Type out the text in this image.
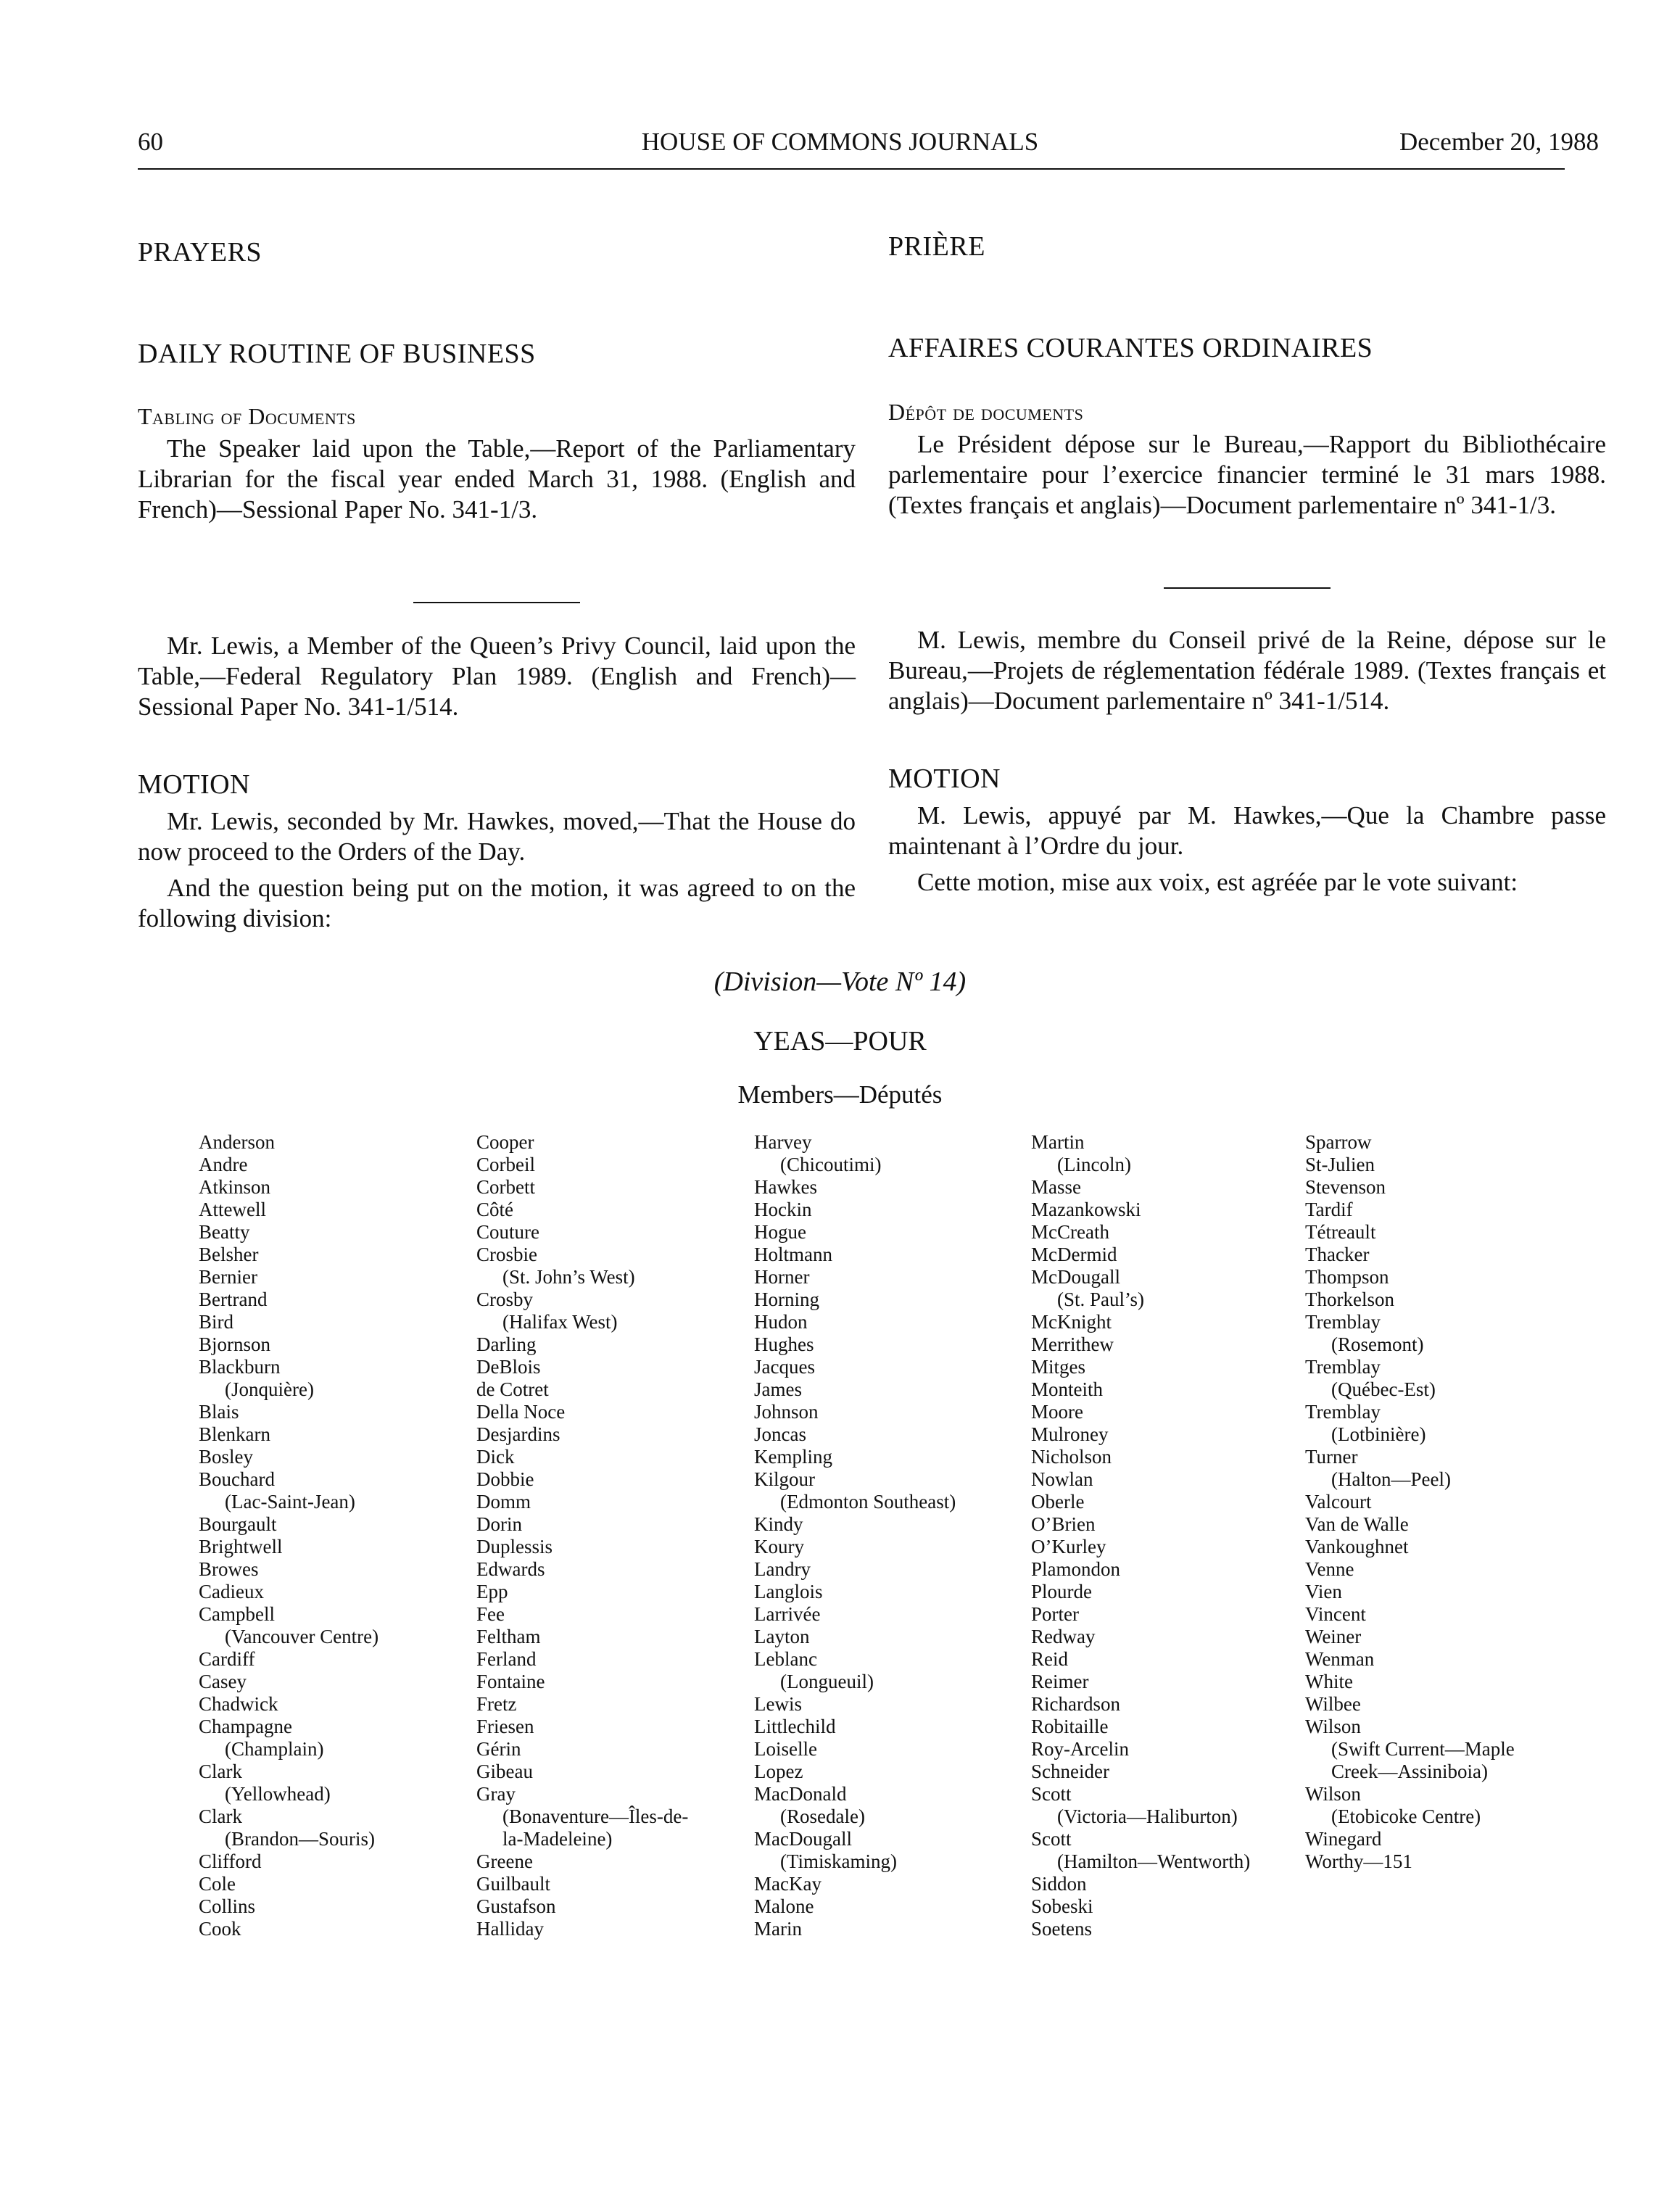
60	HOUSE OF COMMONS JOURNALS	December 20, 1988
PRAYERS
DAILY ROUTINE OF BUSINESS
Tabling of Documents

The Speaker laid upon the Table,—Report of the Parliamentary Librarian for the fiscal year ended March 31, 1988. (English and French)—Sessional Paper No. 341-1/3.

Mr. Lewis, a Member of the Queen’s Privy Council, laid upon the Table,—Federal Regulatory Plan 1989. (English and French)—Sessional Paper No. 341-1/514.

MOTION

Mr. Lewis, seconded by Mr. Hawkes, moved,—That the House do now proceed to the Orders of the Day.

And the question being put on the motion, it was agreed to on the following division:

PRIÈRE
AFFAIRES COURANTES ORDINAIRES
Dépôt de documents

Le Président dépose sur le Bureau,—Rapport du Bibliothécaire parlementaire pour l’exercice financier terminé le 31 mars 1988. (Textes français et anglais)—Document parlementaire nº 341-1/3.

M. Lewis, membre du Conseil privé de la Reine, dépose sur le Bureau,—Projets de réglementation fédérale 1989. (Textes français et anglais)—Document parlementaire nº 341-1/514.

MOTION

M. Lewis, appuyé par M. Hawkes,—Que la Chambre passe maintenant à l’Ordre du jour.

Cette motion, mise aux voix, est agréée par le vote suivant:

(Division—Vote Nº 14)
YEAS—POUR
Members—Députés
Anderson
Andre
Atkinson
Attewell
Beatty
Belsher
Bernier
Bertrand
Bird
Bjornson
Blackburn
(Jonquière)
Blais
Blenkarn
Bosley
Bouchard
(Lac-Saint-Jean)
Bourgault
Brightwell
Browes
Cadieux
Campbell
(Vancouver Centre)
Cardiff
Casey
Chadwick
Champagne
(Champlain)
Clark
(Yellowhead)
Clark
(Brandon—Souris)
Clifford
Cole
Collins
Cook
Cooper
Corbeil
Corbett
Côté
Couture
Crosbie
(St. John’s West)
Crosby
(Halifax West)
Darling
DeBlois
de Cotret
Della Noce
Desjardins
Dick
Dobbie
Domm
Dorin
Duplessis
Edwards
Epp
Fee
Feltham
Ferland
Fontaine
Fretz
Friesen
Gérin
Gibeau
Gray
(Bonaventure—Îles-de-
la-Madeleine)
Greene
Guilbault
Gustafson
Halliday
Harvey
(Chicoutimi)
Hawkes
Hockin
Hogue
Holtmann
Horner
Horning
Hudon
Hughes
Jacques
James
Johnson
Joncas
Kempling
Kilgour
(Edmonton Southeast)
Kindy
Koury
Landry
Langlois
Larrivée
Layton
Leblanc
(Longueuil)
Lewis
Littlechild
Loiselle
Lopez
MacDonald
(Rosedale)
MacDougall
(Timiskaming)
MacKay
Malone
Marin
Martin
(Lincoln)
Masse
Mazankowski
McCreath
McDermid
McDougall
(St. Paul’s)
McKnight
Merrithew
Mitges
Monteith
Moore
Mulroney
Nicholson
Nowlan
Oberle
O’Brien
O’Kurley
Plamondon
Plourde
Porter
Redway
Reid
Reimer
Richardson
Robitaille
Roy-Arcelin
Schneider
Scott
(Victoria—Haliburton)
Scott
(Hamilton—Wentworth)
Siddon
Sobeski
Soetens
Sparrow
St-Julien
Stevenson
Tardif
Tétreault
Thacker
Thompson
Thorkelson
Tremblay
(Rosemont)
Tremblay
(Québec-Est)
Tremblay
(Lotbinière)
Turner
(Halton—Peel)
Valcourt
Van de Walle
Vankoughnet
Venne
Vien
Vincent
Weiner
Wenman
White
Wilbee
Wilson
(Swift Current—Maple
Creek—Assiniboia)
Wilson
(Etobicoke Centre)
Winegard
Worthy—151
